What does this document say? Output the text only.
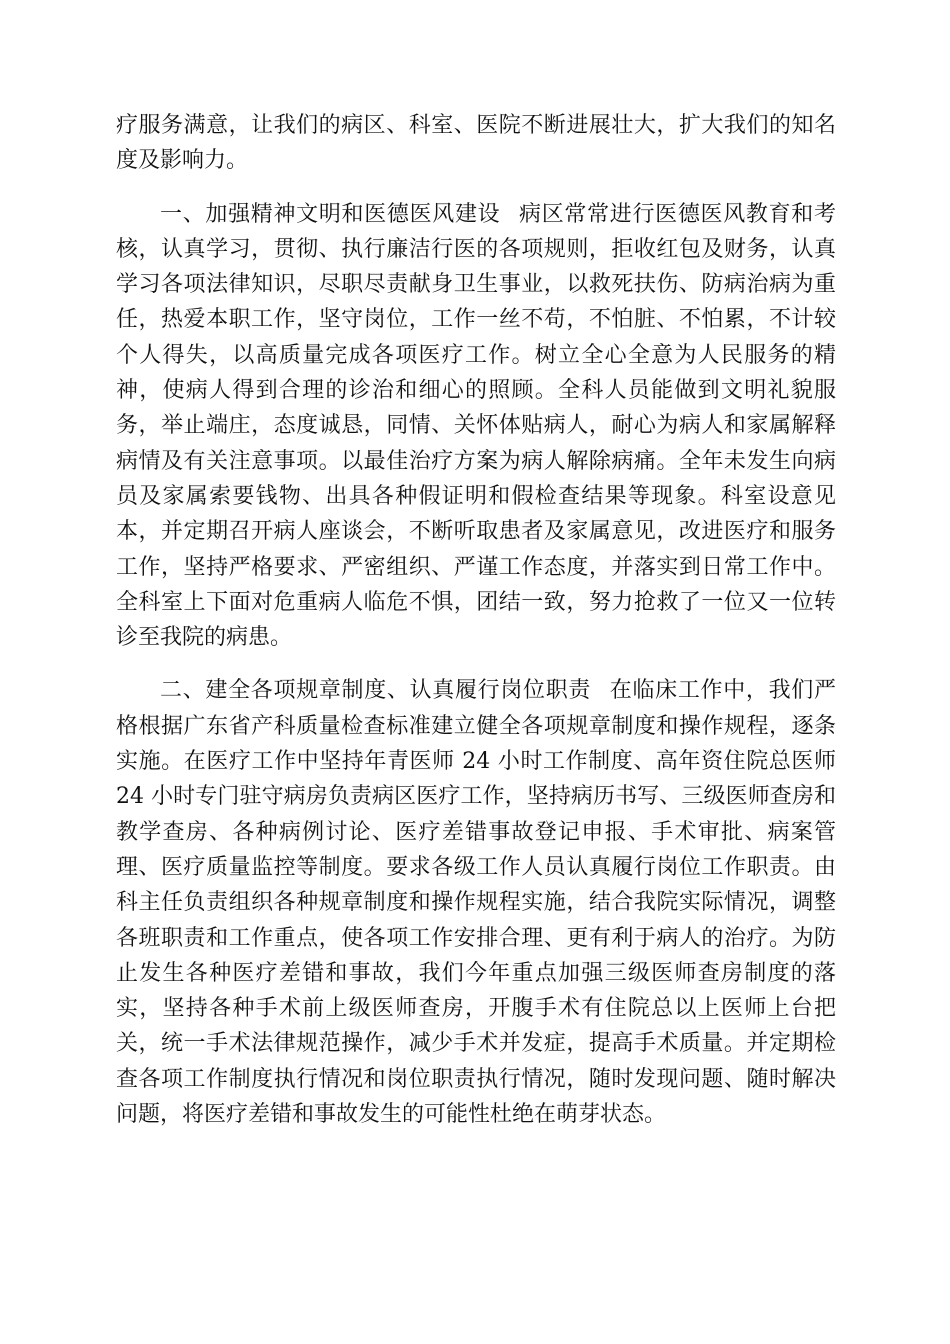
疗服务满意，让我们的病区、科室、医院不断进展壮大，扩大我们的知名度及影响力。

一、加强精神文明和医德医风建设 病区常常进行医德医风教育和考核，认真学习，贯彻、执行廉洁行医的各项规则，拒收红包及财务，认真学习各项法律知识，尽职尽责献身卫生事业，以救死扶伤、防病治病为重任，热爱本职工作，坚守岗位，工作一丝不苟，不怕脏、不怕累，不计较个人得失，以高质量完成各项医疗工作。树立全心全意为人民服务的精神，使病人得到合理的诊治和细心的照顾。全科人员能做到文明礼貌服务，举止端庄，态度诚恳，同情、关怀体贴病人，耐心为病人和家属解释病情及有关注意事项。以最佳治疗方案为病人解除病痛。全年未发生向病员及家属索要钱物、出具各种假证明和假检查结果等现象。科室设意见本，并定期召开病人座谈会，不断听取患者及家属意见，改进医疗和服务工作，坚持严格要求、严密组织、严谨工作态度，并落实到日常工作中。全科室上下面对危重病人临危不惧，团结一致，努力抢救了一位又一位转诊至我院的病患。

二、建全各项规章制度、认真履行岗位职责 在临床工作中，我们严格根据广东省产科质量检查标准建立健全各项规章制度和操作规程，逐条实施。在医疗工作中坚持年青医师 24 小时工作制度、高年资住院总医师 24 小时专门驻守病房负责病区医疗工作，坚持病历书写、三级医师查房和教学查房、各种病例讨论、医疗差错事故登记申报、手术审批、病案管理、医疗质量监控等制度。要求各级工作人员认真履行岗位工作职责。由科主任负责组织各种规章制度和操作规程实施，结合我院实际情况，调整各班职责和工作重点，使各项工作安排合理、更有利于病人的治疗。为防止发生各种医疗差错和事故，我们今年重点加强三级医师查房制度的落实，坚持各种手术前上级医师查房，开腹手术有住院总以上医师上台把关，统一手术法律规范操作，减少手术并发症，提高手术质量。并定期检查各项工作制度执行情况和岗位职责执行情况，随时发现问题、随时解决问题，将医疗差错和事故发生的可能性杜绝在萌芽状态。
